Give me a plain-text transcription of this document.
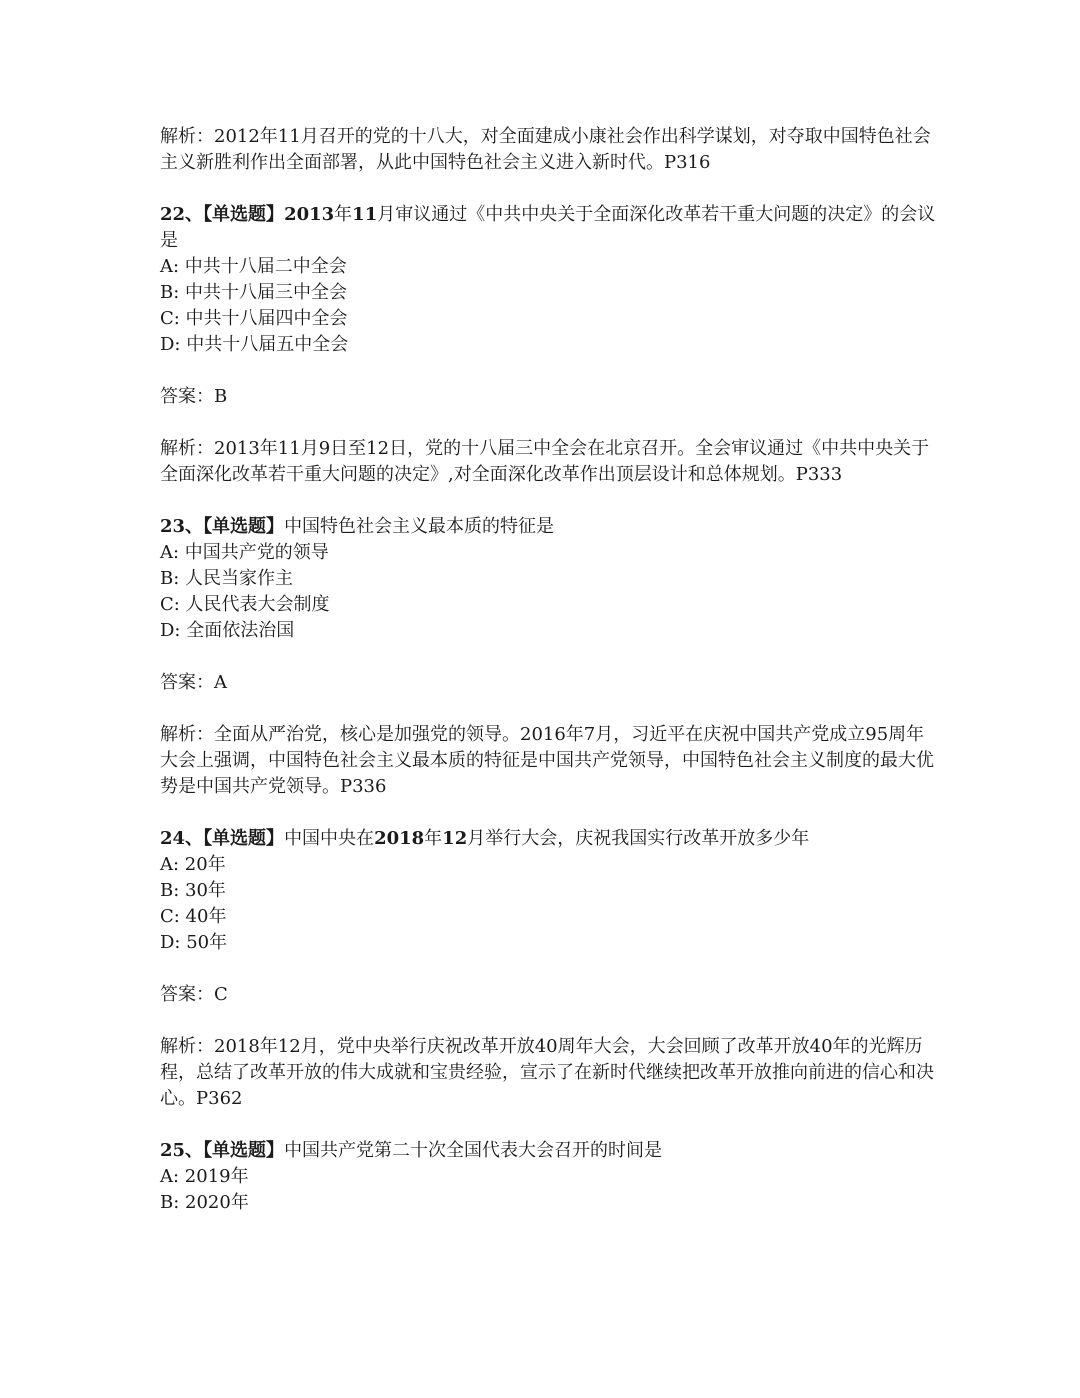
解析：2012年11月召开的党的十八大，对全面建成小康社会作出科学谋划，对夺取中国特色社会主义新胜利作出全面部署，从此中国特色社会主义进入新时代。P316

22、【单选题】2013年11月审议通过《中共中央关于全面深化改革若干重大问题的决定》的会议是

A: 中共十八届二中全会

B: 中共十八届三中全会

C: 中共十八届四中全会

D: 中共十八届五中全会

答案：B

解析：2013年11月9日至12日，党的十八届三中全会在北京召开。全会审议通过《中共中央关于全面深化改革若干重大问题的决定》,对全面深化改革作出顶层设计和总体规划。P333

23、【单选题】中国特色社会主义最本质的特征是

A: 中国共产党的领导

B: 人民当家作主

C: 人民代表大会制度

D: 全面依法治国

答案：A

解析：全面从严治党，核心是加强党的领导。2016年7月，习近平在庆祝中国共产党成立95周年大会上强调，中国特色社会主义最本质的特征是中国共产党领导，中国特色社会主义制度的最大优势是中国共产党领导。P336

24、【单选题】中国中央在2018年12月举行大会，庆祝我国实行改革开放多少年

A: 20年

B: 30年

C: 40年

D: 50年

答案：C

解析：2018年12月，党中央举行庆祝改革开放40周年大会，大会回顾了改革开放40年的光辉历程，总结了改革开放的伟大成就和宝贵经验，宣示了在新时代继续把改革开放推向前进的信心和决心。P362

25、【单选题】中国共产党第二十次全国代表大会召开的时间是

A: 2019年

B: 2020年
